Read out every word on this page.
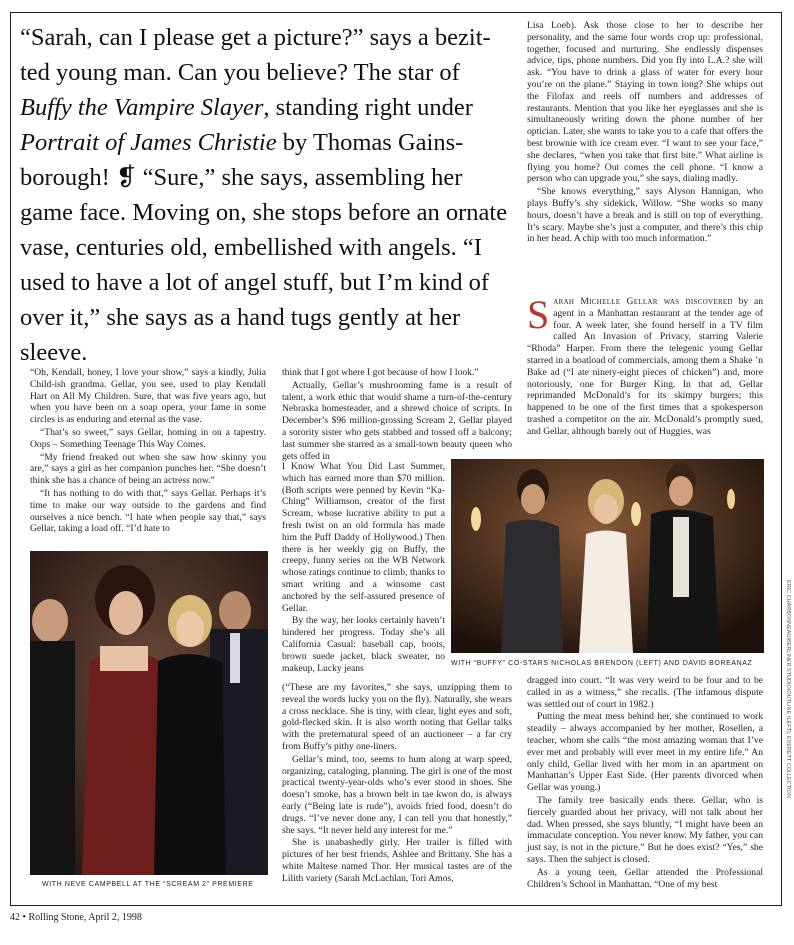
“Sarah, can I please get a picture?” says a bezit-ted young man. Can you believe? The star of Buffy the Vampire Slayer, standing right under Portrait of James Christie by Thomas Gains-borough! ❡ “Sure,” she says, assembling her game face. Moving on, she stops before an ornate vase, centuries old, embellished with angels. “I used to have a lot of angel stuff, but I’m kind of over it,” she says as a hand tugs gently at her sleeve.

“Oh, Kendall, honey, I love your show,” says a kindly, Julia Child-ish grandma. Gellar, you see, used to play Kendall Hart on All My Children. Sure, that was five years ago, but when you have been on a soap opera, your fame in some circles is as enduring and eternal as the vase.

“That’s so sweet,” says Gellar, homing in on a tapestry. Oops – Something Teenage This Way Comes.

“My friend freaked out when she saw how skinny you are,” says a girl as her companion punches her. “She doesn’t think she has a chance of being an actress now.”

“It has nothing to do with that,” says Gellar. Perhaps it’s time to make our way outside to the gardens and find ourselves a nice bench. “I hate when people say that,” says Gellar, taking a load off. “I’d hate to

WITH NEVE CAMPBELL AT THE “SCREAM 2” PREMIERE

think that I got where I got because of how I look.”

Actually, Gellar’s mushrooming fame is a result of talent, a work ethic that would shame a turn-of-the-century Nebraska homesteader, and a shrewd choice of scripts. In December’s $96 million-grossing Scream 2, Gellar played a sorority sister who gets stabbed and tossed off a balcony; last summer she starred as a small-town beauty queen who gets offed in

I Know What You Did Last Summer, which has earned more than $70 million. (Both scripts were penned by Kevin “Ka-Ching” Williamson, creator of the first Scream, whose lucrative ability to put a fresh twist on an old formula has made him the Puff Daddy of Hollywood.) Then there is her weekly gig on Buffy, the creepy, funny series on the WB Network whose ratings continue to climb, thanks to smart writing and a winsome cast anchored by the self-assured presence of Gellar.

By the way, her looks certainly haven’t hindered her progress. Today she’s all California Casual: baseball cap, boots, brown suede jacket, black sweater, no makeup, Lucky jeans

(“These are my favorites,” she says, unzipping them to reveal the words lucky you on the fly). Naturally, she wears a cross necklace. She is tiny, with clear, light eyes and soft, gold-flecked skin. It is also worth noting that Gellar talks with the preternatural speed of an auctioneer – a far cry from Buffy’s pithy one-liners.

Gellar’s mind, too, seems to hum along at warp speed, organizing, cataloging, planning. The girl is one of the most practical twenty-year-olds who’s ever stood in shoes. She doesn’t smoke, has a brown belt in tae kwon do, is always early (“Being late is rude”), avoids fried food, doesn’t do drugs. “I’ve never done any, I can tell you that honestly,” she says. “It never held any interest for me.”

She is unabashedly girly. Her trailer is filled with pictures of her best friends, Ashlee and Brittany. She has a white Maltese named Thor. Her musical tastes are of the Lilith variety (Sarah McLachlan, Tori Amos,

Lisa Loeb). Ask those close to her to describe her personality, and the same four words crop up: professional, together, focused and nurturing. She endlessly dispenses advice, tips, phone numbers. Did you fly into L.A.? she will ask. “You have to drink a glass of water for every hour you’re on the plane.” Staying in town long? She whips out the Filofax and reels off numbers and addresses of restaurants. Mention that you like her eyeglasses and she is simultaneously writing down the phone number of her optician. Later, she wants to take you to a cafe that offers the best brownie with ice cream ever. “I want to see your face,” she declares, “when you take that first bite.” What airline is flying you home? Out comes the cell phone. “I know a person who can upgrade you,” she says, dialing madly.

“She knows everything,” says Alyson Hannigan, who plays Buffy’s shy sidekick, Willow. “She works so many hours, doesn’t have a break and is still on top of everything. It’s scary. Maybe she’s just a computer, and there’s this chip in her head. A chip with too much information.”

Sarah Michelle Gellar was discovered by an agent in a Manhattan restaurant at the tender age of four. A week later, she found herself in a TV film called An Invasion of Privacy, starring Valerie “Rhoda” Harper. From there the telegenic young Gellar starred in a boatload of commercials, among them a Shake ’n Bake ad (“I ate ninety-eight pieces of chicken”) and, more notoriously, one for Burger King. In that ad, Gellar reprimanded McDonald’s for its skimpy burgers; this happened to be one of the first times that a spokesperson trashed a competitor on the air. McDonald’s promptly sued, and Gellar, although barely out of Huggies, was

WITH “BUFFY” CO-STARS NICHOLAS BRENDON (LEFT) AND DAVID BOREANAZ

dragged into court. “It was very weird to be four and to be called in as a witness,” she recalls. (The infamous dispute was settled out of court in 1982.)

Putting the meat mess behind her, she continued to work steadily – always accompanied by her mother, Rosellen, a teacher, whom she calls “the most amazing woman that I’ve ever met and probably will ever meet in my entire life.” An only child, Gellar lived with her mom in an apartment on Manhattan’s Upper East Side. (Her parents divorced when Gellar was young.)

The family tree basically ends there. Gellar, who is fiercely guarded about her privacy, will not talk about her dad. When pressed, she says bluntly, “I might have been an immaculate conception. You never know. My father, you can just say, is not in the picture.” But he does exist? “Yes,” she says. Then the subject is closed.

As a young teen, Gellar attended the Professional Children’s School in Manhattan. “One of my best

ERIC CHARBONNEAU/BERLINER STUDIO/OUTLINE (LEFT); EVERETT COLLECTION
42 • Rolling Stone, April 2, 1998
